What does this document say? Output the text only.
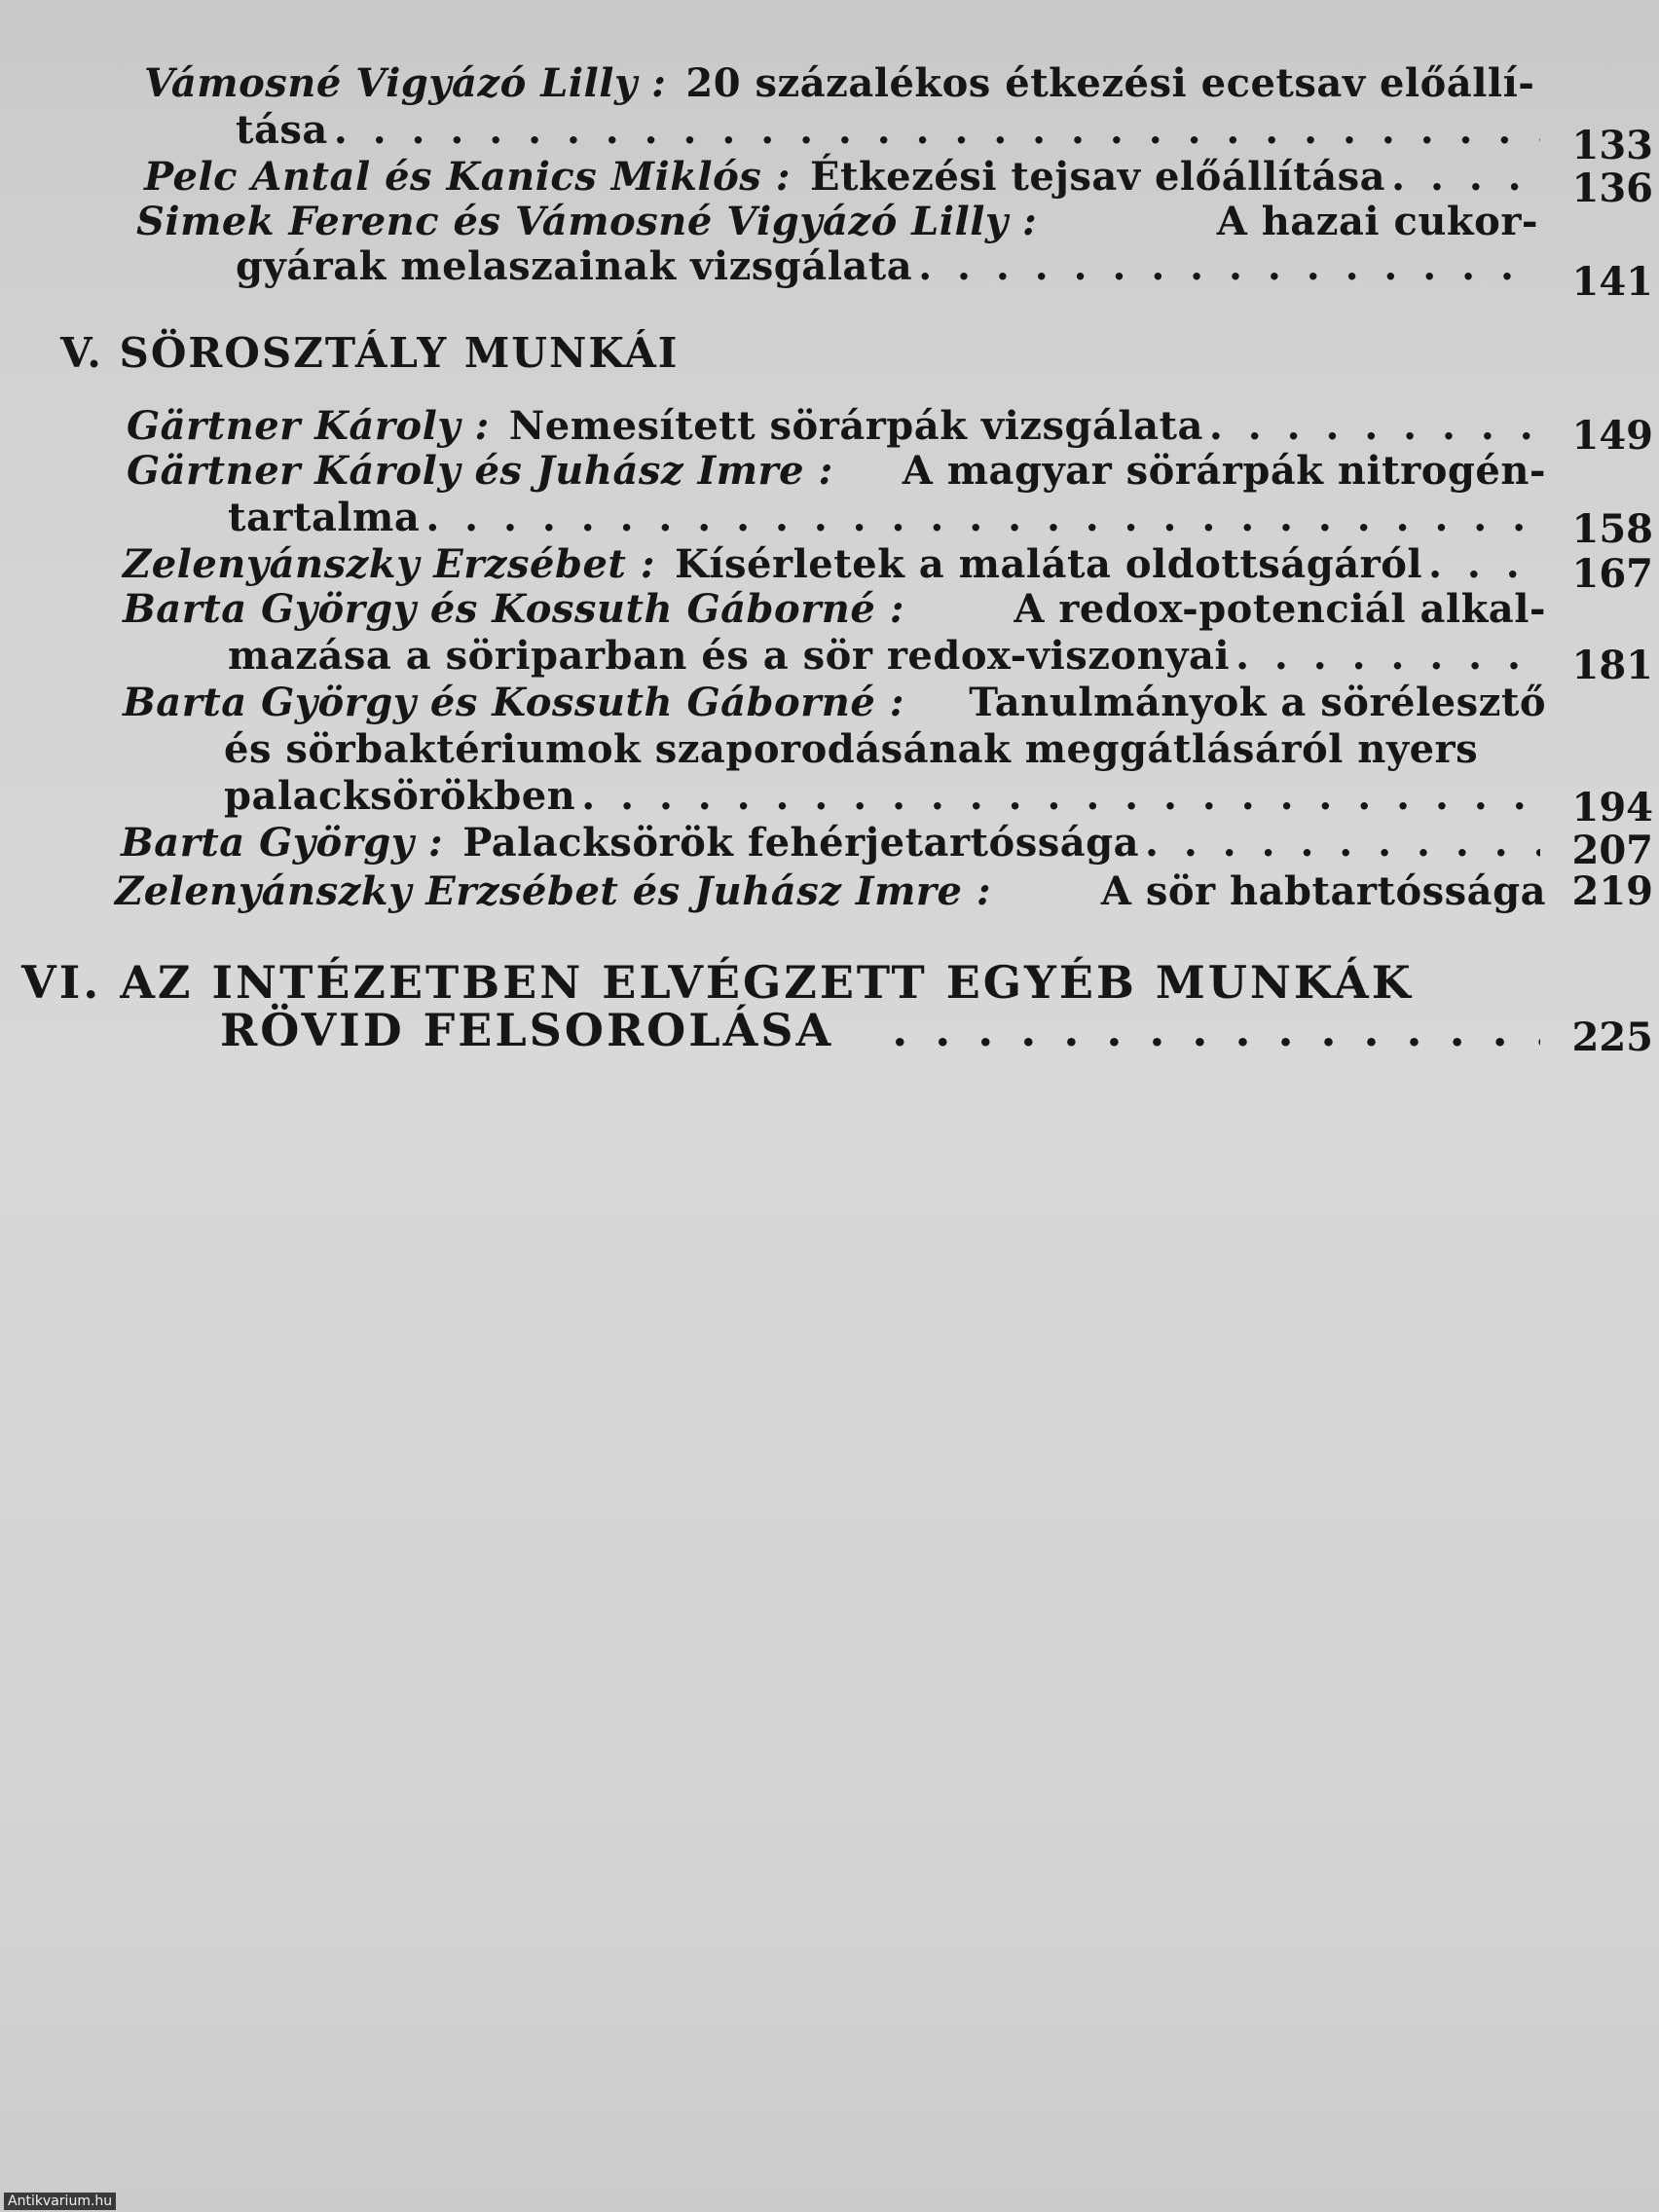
Vámosné Vigyázó Lilly : 20 százalékos étkezési ecetsav előállí-
tása . . .	133
Pelc Antal és Kanics Miklós : Étkezési tejsav előállítása . . .	136
Simek Ferenc és Vámosné Vigyázó Lilly :	A hazai cukor-
gyárak melaszainak vizsgálata . . .	141
V. SÖROSZTÁLY MUNKÁI
Gärtner Károly : Nemesített sörárpák vizsgálata . . .	149
Gärtner Károly és Juhász Imre : A magyar sörárpák nitrogén-
tartalma . . .	158
Zelenyánszky Erzsébet : Kísérletek a maláta oldottságáról . . .	167
Barta György és Kossuth Gáborné :	A redox-potenciál alkal-
mazása a söriparban és a sör redox-viszonyai . . .	181
Barta György és Kossuth Gáborné : Tanulmányok a sörélesztő
és sörbaktériumok szaporodásának meggátlásáról nyers
palacksörökben . . .	194
Barta György : Palacksörök fehérjetartóssága . . .	207
Zelenyánszky Erzsébet és Juhász Imre :	A sör habtartóssága 219
VI. AZ INTÉZETBEN ELVÉGZETT EGYÉB MUNKÁK
RÖVID FELSOROLÁSA . . .	225
Antikvarium.hu
